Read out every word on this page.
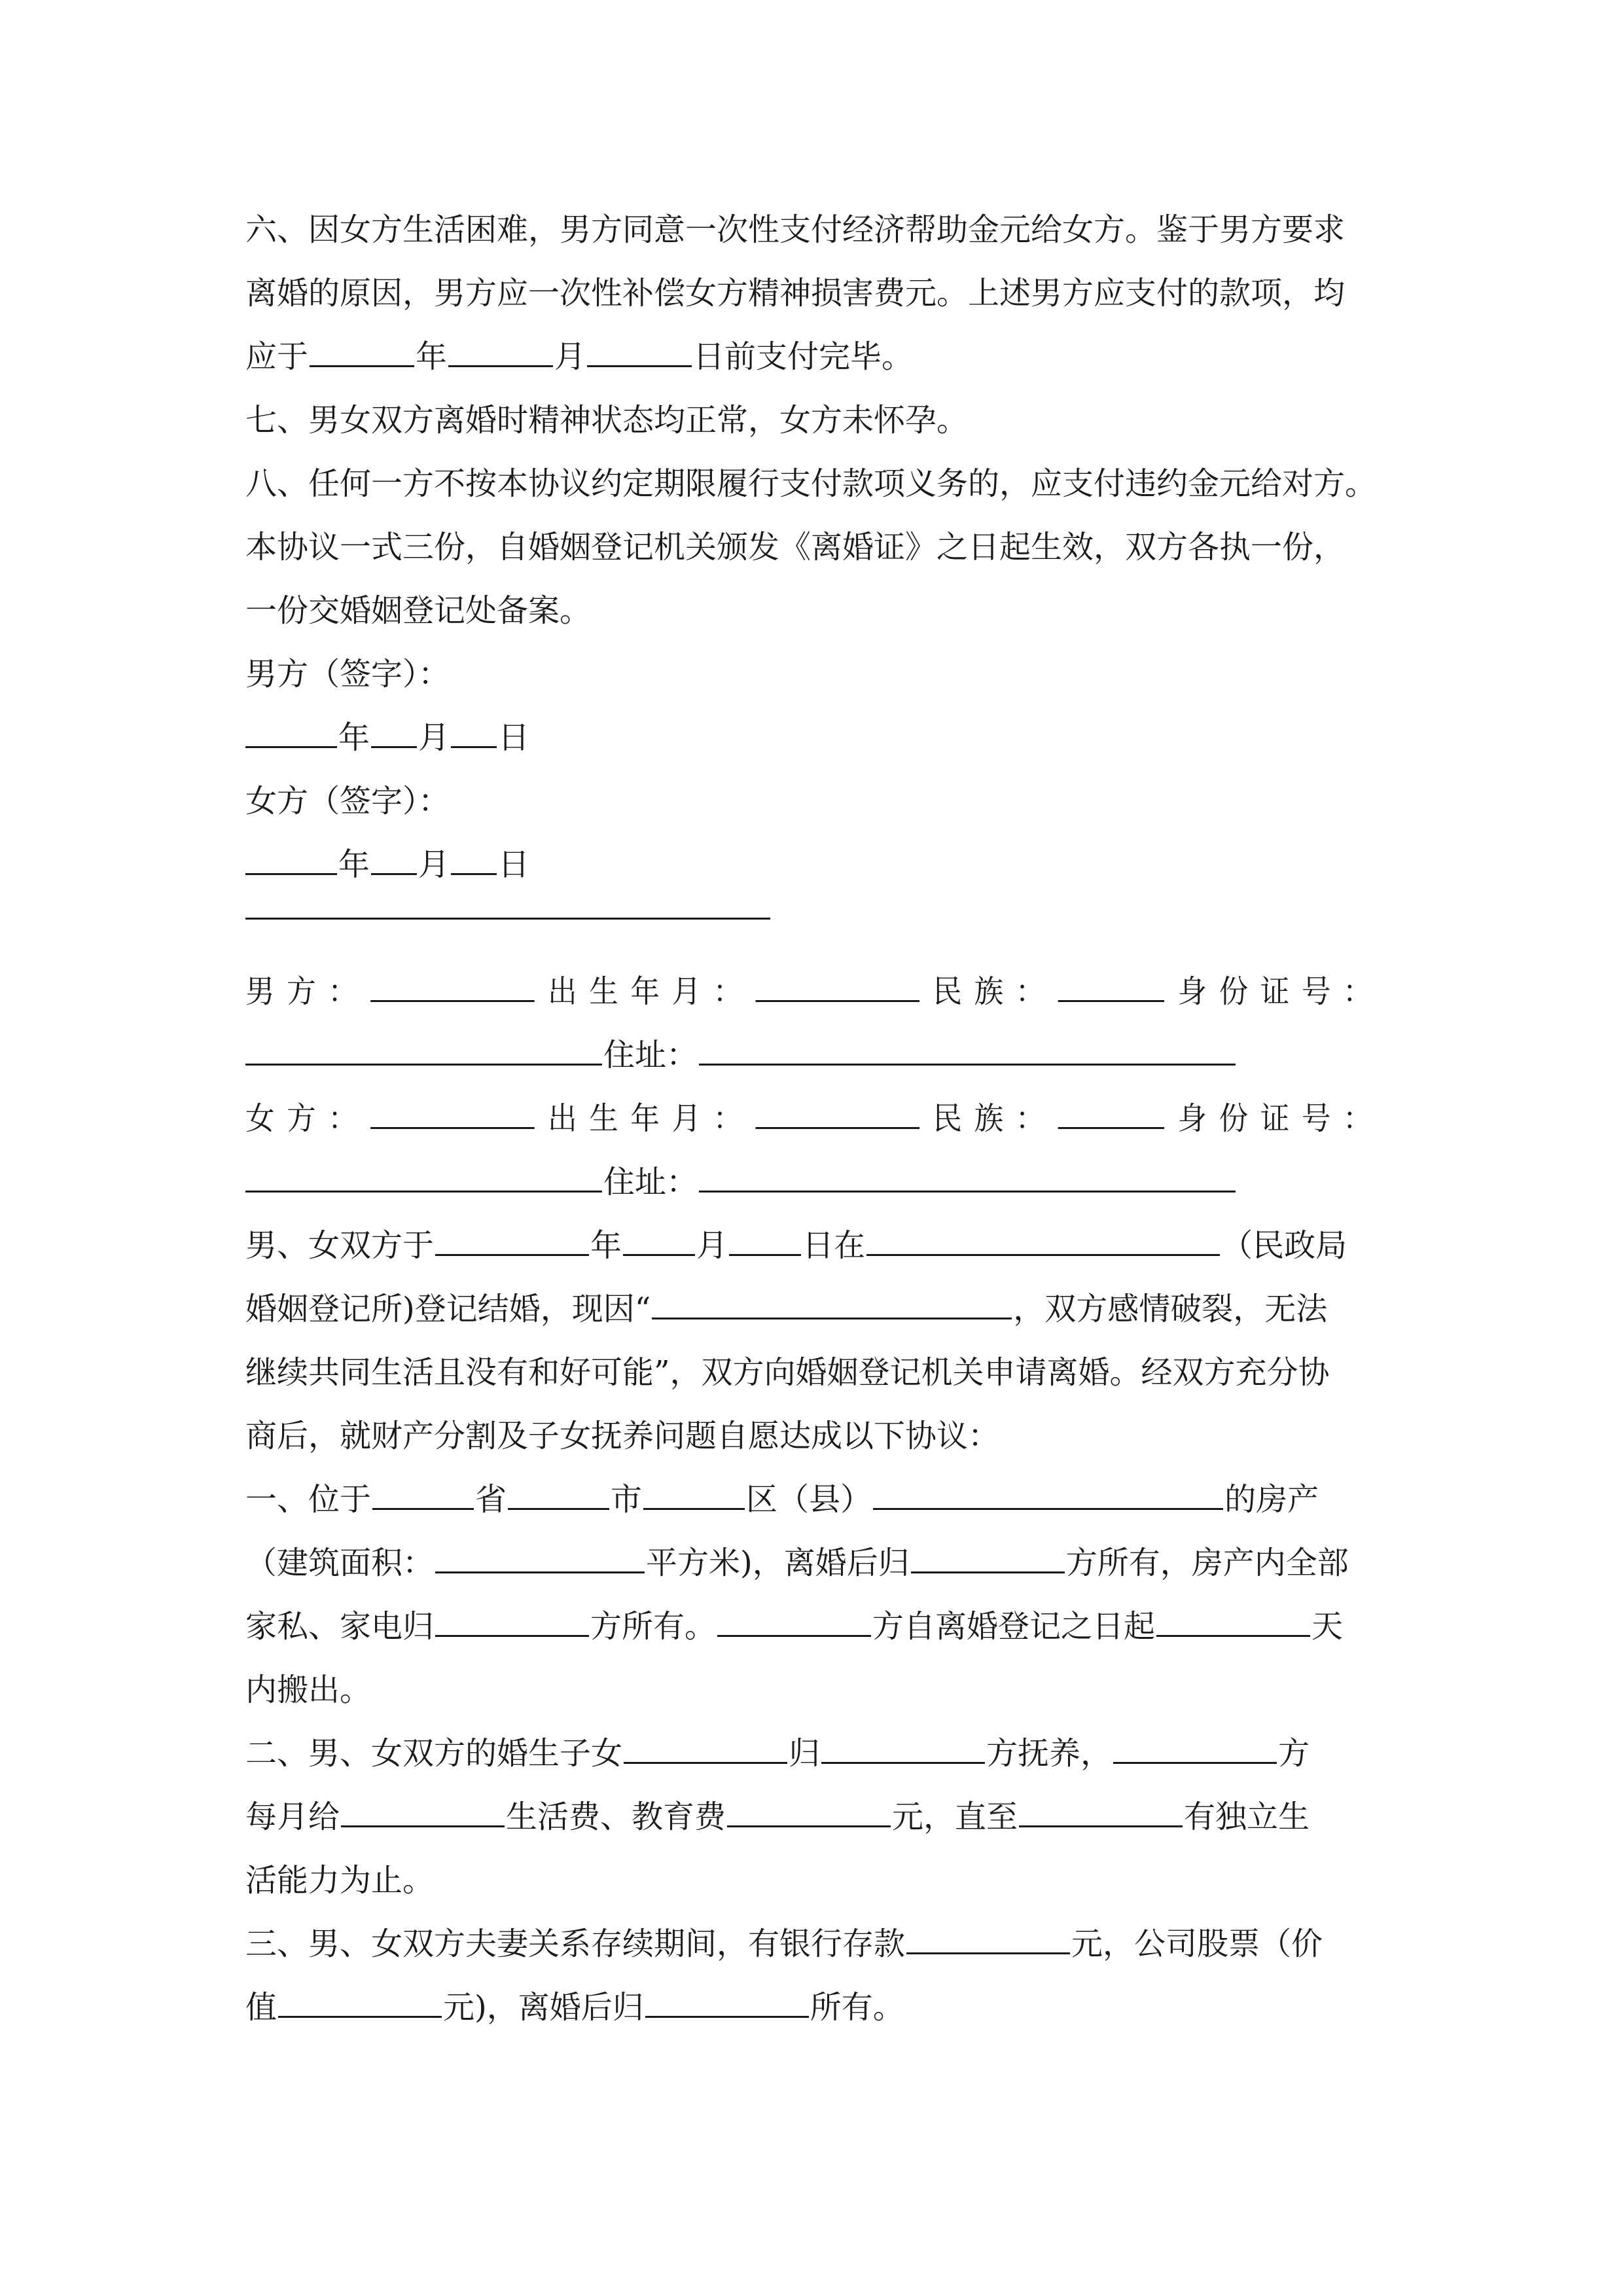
六、因女方生活困难，男方同意一次性支付经济帮助金元给女方。鉴于男方要求
离婚的原因，男方应一次性补偿女方精神损害费元。上述男方应支付的款项，均
应于	年	月	日前支付完毕。
七、男女双方离婚时精神状态均正常，女方未怀孕。
八、任何一方不按本协议约定期限履行支付款项义务的，应支付违约金元给对方。
本协议一式三份，自婚姻登记机关颁发《离婚证》之日起生效，双方各执一份，
一份交婚姻登记处备案。
男方（签字）：
年 月 日
女方（签字）：
年 月 日
男方：	出生年月：	民族：	身份证号：
住址：
女方：	出生年月：	民族：	身份证号：
住址：
男、女双方于	年 月 日在	（民政局
婚姻登记所)登记结婚，现因“	，双方感情破裂，无法
继续共同生活且没有和好可能”，双方向婚姻登记机关申请离婚。经双方充分协
商后，就财产分割及子女抚养问题自愿达成以下协议：
一、位于	省	市	区（县）	的房产
（建筑面积：	平方米)，离婚后归	方所有，房产内全部
家私、家电归	方所有。	方自离婚登记之日起	天
内搬出。
二、男、女双方的婚生子女	归	方抚养，	方
每月给	生活费、教育费	元，直至	有独立生
活能力为止。
三、男、女双方夫妻关系存续期间，有银行存款	元，公司股票（价
值	元)，离婚后归	所有。
